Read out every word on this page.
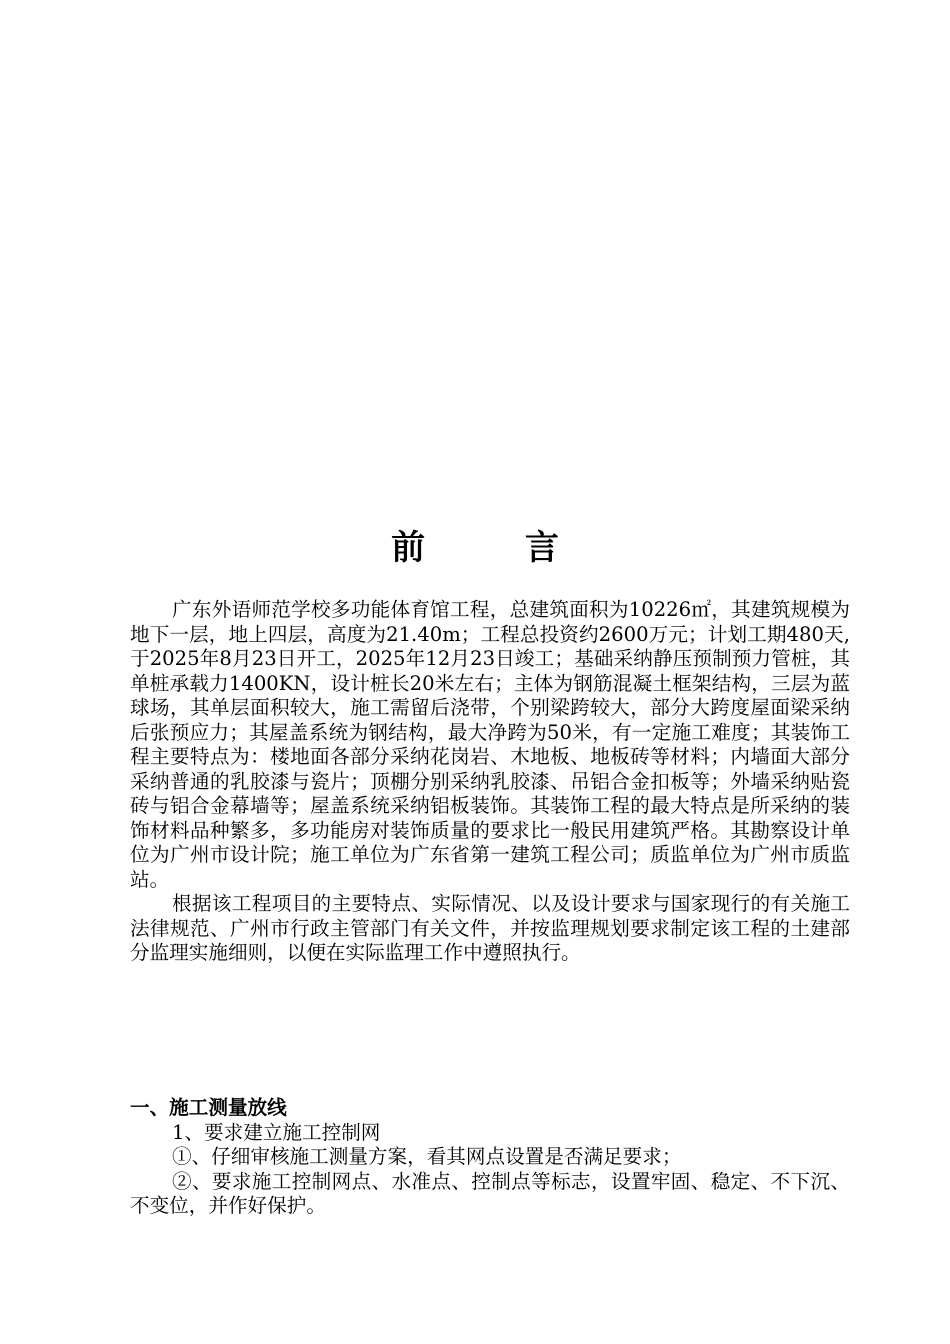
前 言

广东外语师范学校多功能体育馆工程，总建筑面积为10226㎡，其建筑规模为地下一层，地上四层，高度为21.40m；工程总投资约2600万元；计划工期480天,于2025年8月23日开工，2025年12月23日竣工；基础采纳静压预制预力管桩，其单桩承载力1400KN，设计桩长20米左右；主体为钢筋混凝土框架结构，三层为蓝球场，其单层面积较大，施工需留后浇带，个别梁跨较大，部分大跨度屋面梁采纳后张预应力；其屋盖系统为钢结构，最大净跨为50米，有一定施工难度；其装饰工程主要特点为：楼地面各部分采纳花岗岩、木地板、地板砖等材料；内墙面大部分采纳普通的乳胶漆与瓷片；顶棚分别采纳乳胶漆、吊铝合金扣板等；外墙采纳贴瓷砖与铝合金幕墙等；屋盖系统采纳铝板装饰。其装饰工程的最大特点是所采纳的装饰材料品种繁多，多功能房对装饰质量的要求比一般民用建筑严格。其勘察设计单位为广州市设计院；施工单位为广东省第一建筑工程公司；质监单位为广州市质监站。

根据该工程项目的主要特点、实际情况、以及设计要求与国家现行的有关施工法律规范、广州市行政主管部门有关文件，并按监理规划要求制定该工程的土建部分监理实施细则，以便在实际监理工作中遵照执行。

一、施工测量放线

1、要求建立施工控制网

①、仔细审核施工测量方案，看其网点设置是否满足要求；

②、要求施工控制网点、水准点、控制点等标志，设置牢固、稳定、不下沉、不变位，并作好保护。
